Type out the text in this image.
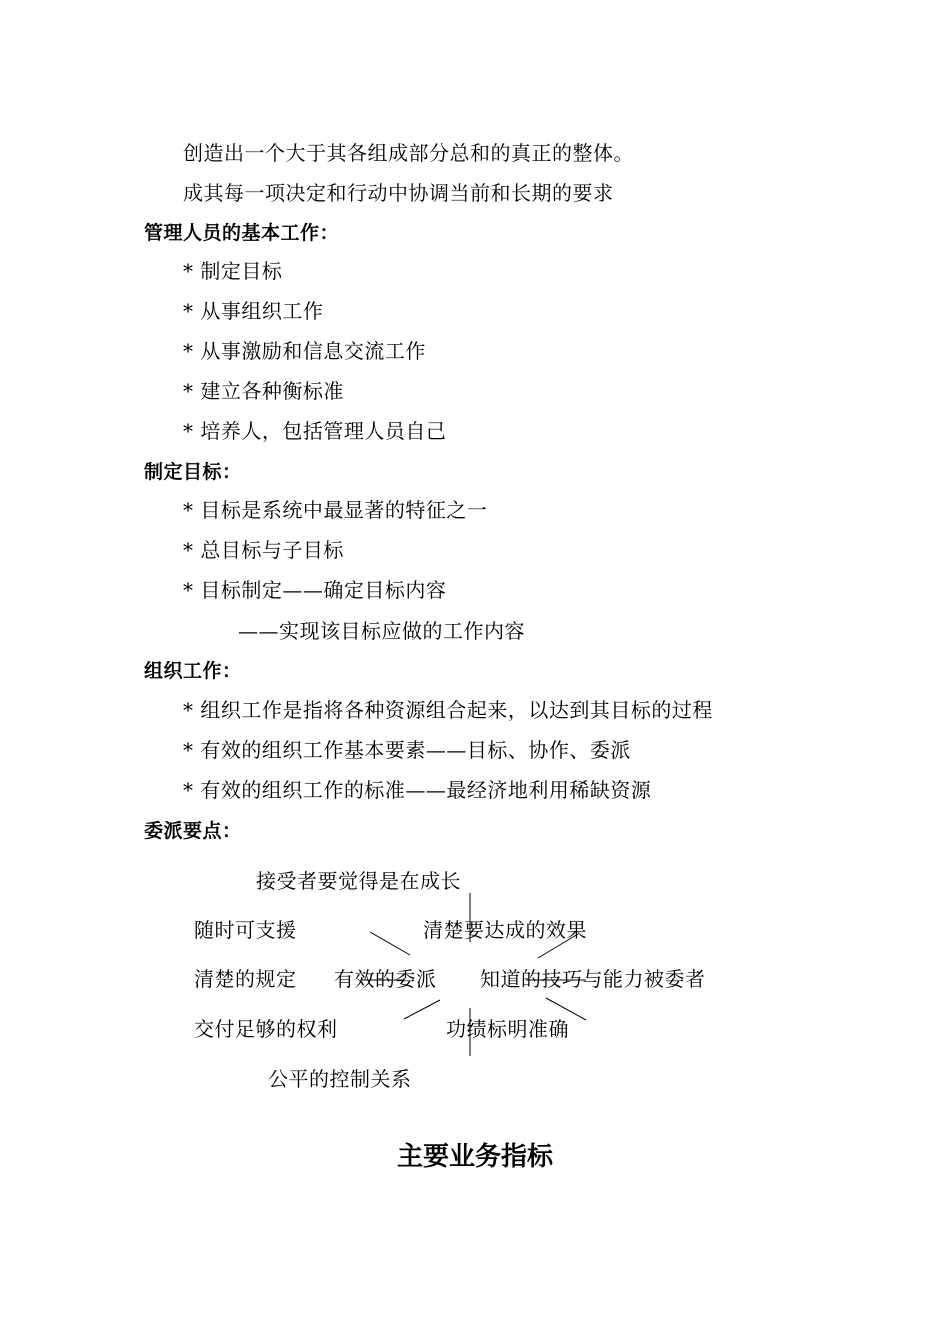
创造出一个大于其各组成部分总和的真正的整体。
成其每一项决定和行动中协调当前和长期的要求
管理人员的基本工作：
* 制定目标
* 从事组织工作
* 从事激励和信息交流工作
* 建立各种衡标准
* 培养人，包括管理人员自己
制定目标：
* 目标是系统中最显著的特征之一
* 总目标与子目标
* 目标制定——确定目标内容
——实现该目标应做的工作内容
组织工作：
* 组织工作是指将各种资源组合起来，以达到其目标的过程
* 有效的组织工作基本要素——目标、协作、委派
* 有效的组织工作的标准——最经济地利用稀缺资源
委派要点：
接受者要觉得是在成长
随时可支援	清楚要达成的效果
清楚的规定 有效的委派 知道的技巧与能力被委者
交付足够的权利	功绩标明准确
公平的控制关系
主要业务指标
